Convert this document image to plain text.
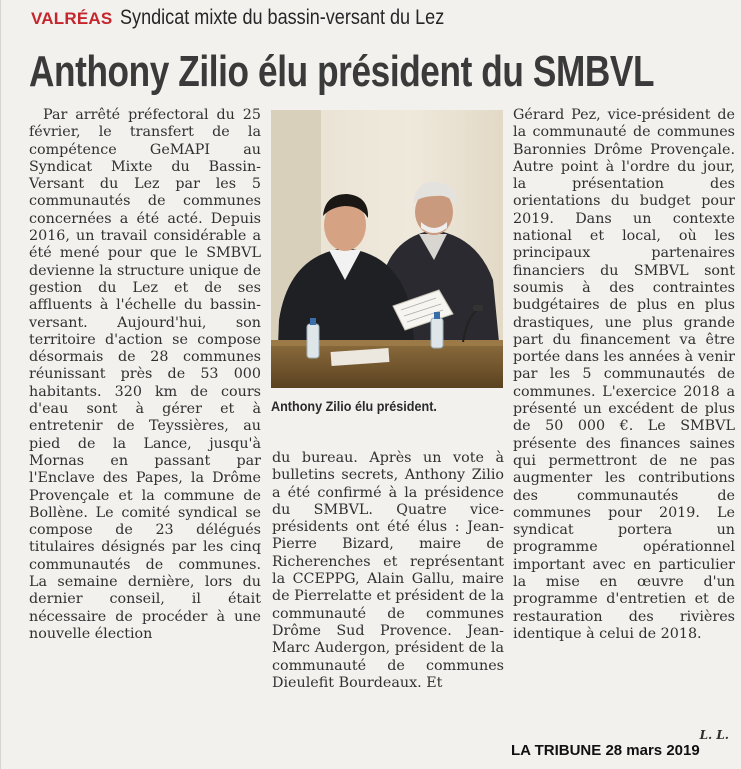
VALRÉAS Syndicat mixte du bassin-versant du Lez
Anthony Zilio élu président du SMBVL

Par arrêté préfectoral du 25 février, le transfert de la compétence GeMAPI au Syndicat Mixte du Bassin-Versant du Lez par les 5 communautés de communes concernées a été acté. Depuis 2016, un travail considérable a été mené pour que le SMBVL devienne la structure unique de gestion du Lez et de ses affluents à l'échelle du bassin-versant. Aujourd'hui, son territoire d'action se compose désormais de 28 communes réunissant près de 53 000 habitants. 320 km de cours d'eau sont à gérer et à entretenir de Teyssières, au pied de la Lance, jusqu'à Mornas en passant par l'Enclave des Papes, la Drôme Provençale et la commune de Bollène. Le comité syndical se compose de 23 délégués titulaires désignés par les cinq communautés de communes. La semaine dernière, lors du dernier conseil, il était nécessaire de procéder à une nouvelle élection

Anthony Zilio élu président.

du bureau. Après un vote à bulletins secrets, Anthony Zilio a été confirmé à la présidence du SMBVL. Quatre vice-présidents ont été élus : Jean-Pierre Bizard, maire de Richerenches et représentant la CCEPPG, Alain Gallu, maire de Pierrelatte et président de la communauté de communes Drôme Sud Provence. Jean-Marc Audergon, président de la communauté de communes Dieulefit Bourdeaux. Et

Gérard Pez, vice-président de la communauté de communes Baronnies Drôme Provençale. Autre point à l'ordre du jour, la présentation des orientations du budget pour 2019. Dans un contexte national et local, où les principaux partenaires financiers du SMBVL sont soumis à des contraintes budgétaires de plus en plus drastiques, une plus grande part du financement va être portée dans les années à venir par les 5 communautés de communes. L'exercice 2018 a présenté un excédent de plus de 50 000 €. Le SMBVL présente des finances saines qui permettront de ne pas augmenter les contributions des communautés de communes pour 2019. Le syndicat portera un programme opérationnel important avec en particulier la mise en œuvre d'un programme d'entretien et de restauration des rivières identique à celui de 2018.

L. L.
LA TRIBUNE 28 mars 2019
